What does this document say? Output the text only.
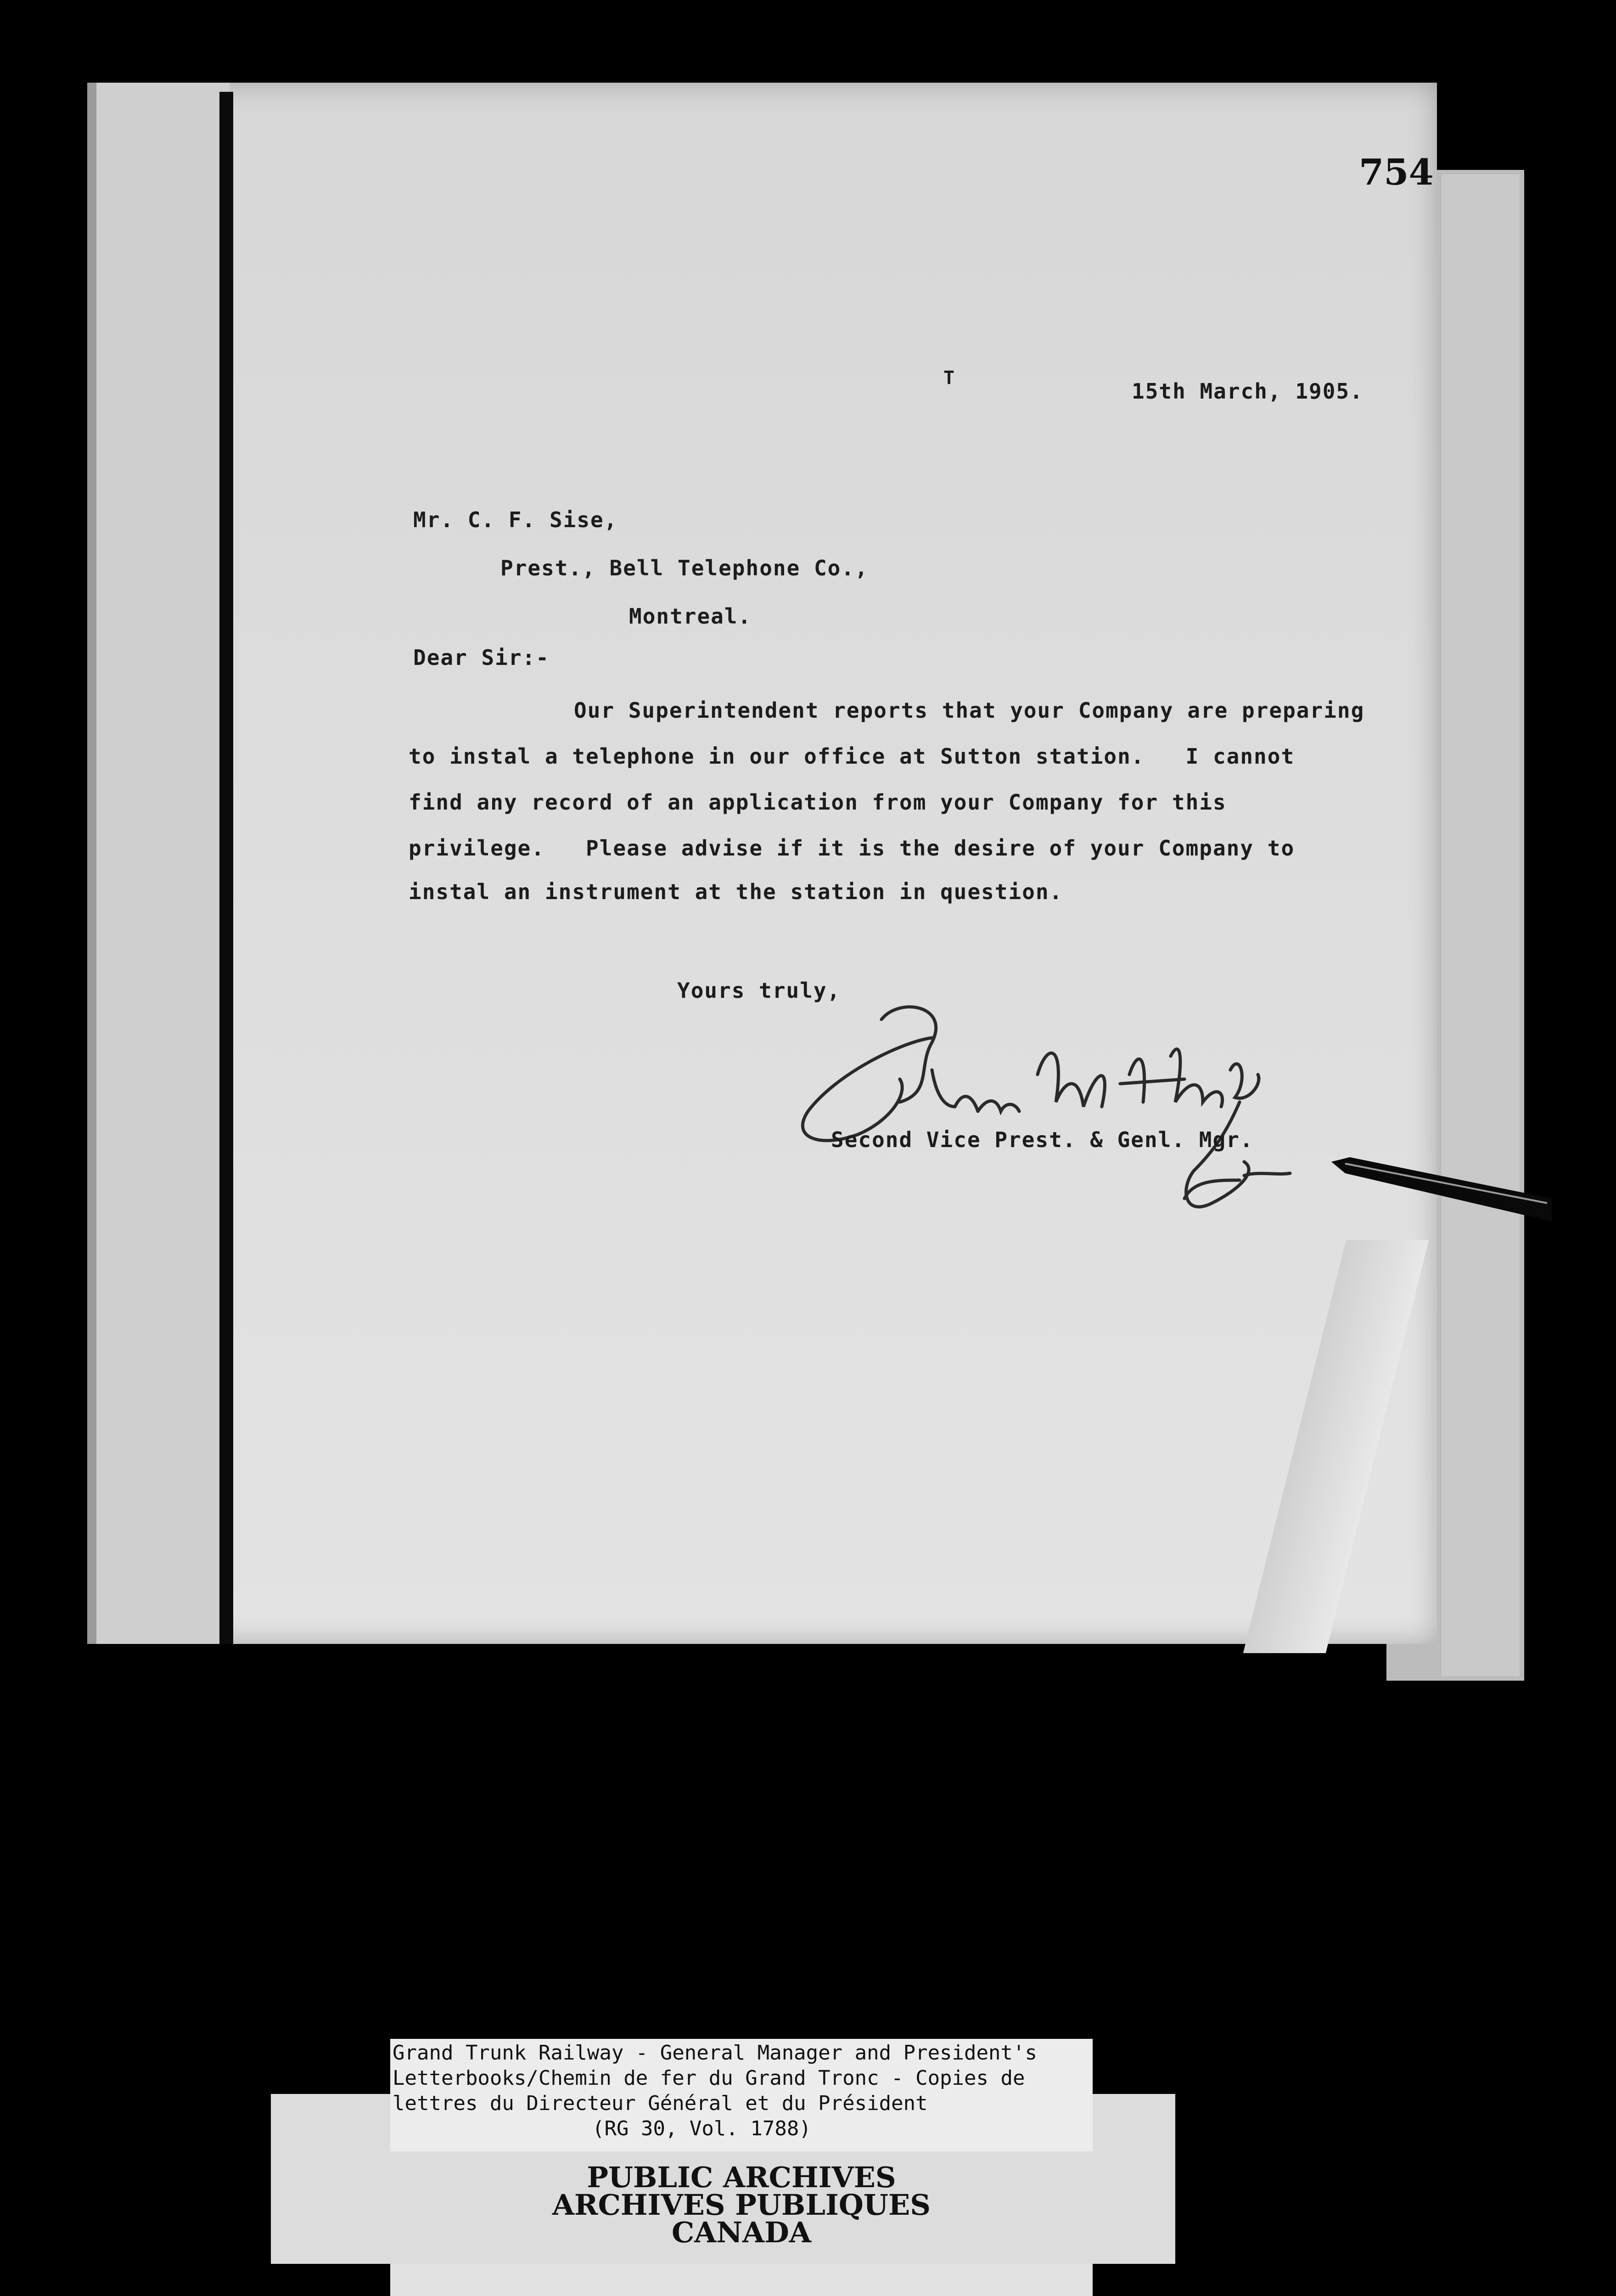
754
T
15th March, 1905.
Mr. C. F. Sise,
Prest., Bell Telephone Co.,
Montreal.
Dear Sir:-
Our Superintendent reports that your Company are preparing
to instal a telephone in our office at Sutton station.   I cannot
find any record of an application from your Company for this
privilege.   Please advise if it is the desire of your Company to
instal an instrument at the station in question.
Yours truly,
Second Vice Prest. & Genl. Mgr.
Grand Trunk Railway - General Manager and President's
Letterbooks/Chemin de fer du Grand Tronc - Copies de
lettres du Directeur Général et du Président
(RG 30, Vol. 1788)
PUBLIC ARCHIVES
ARCHIVES PUBLIQUES
CANADA
